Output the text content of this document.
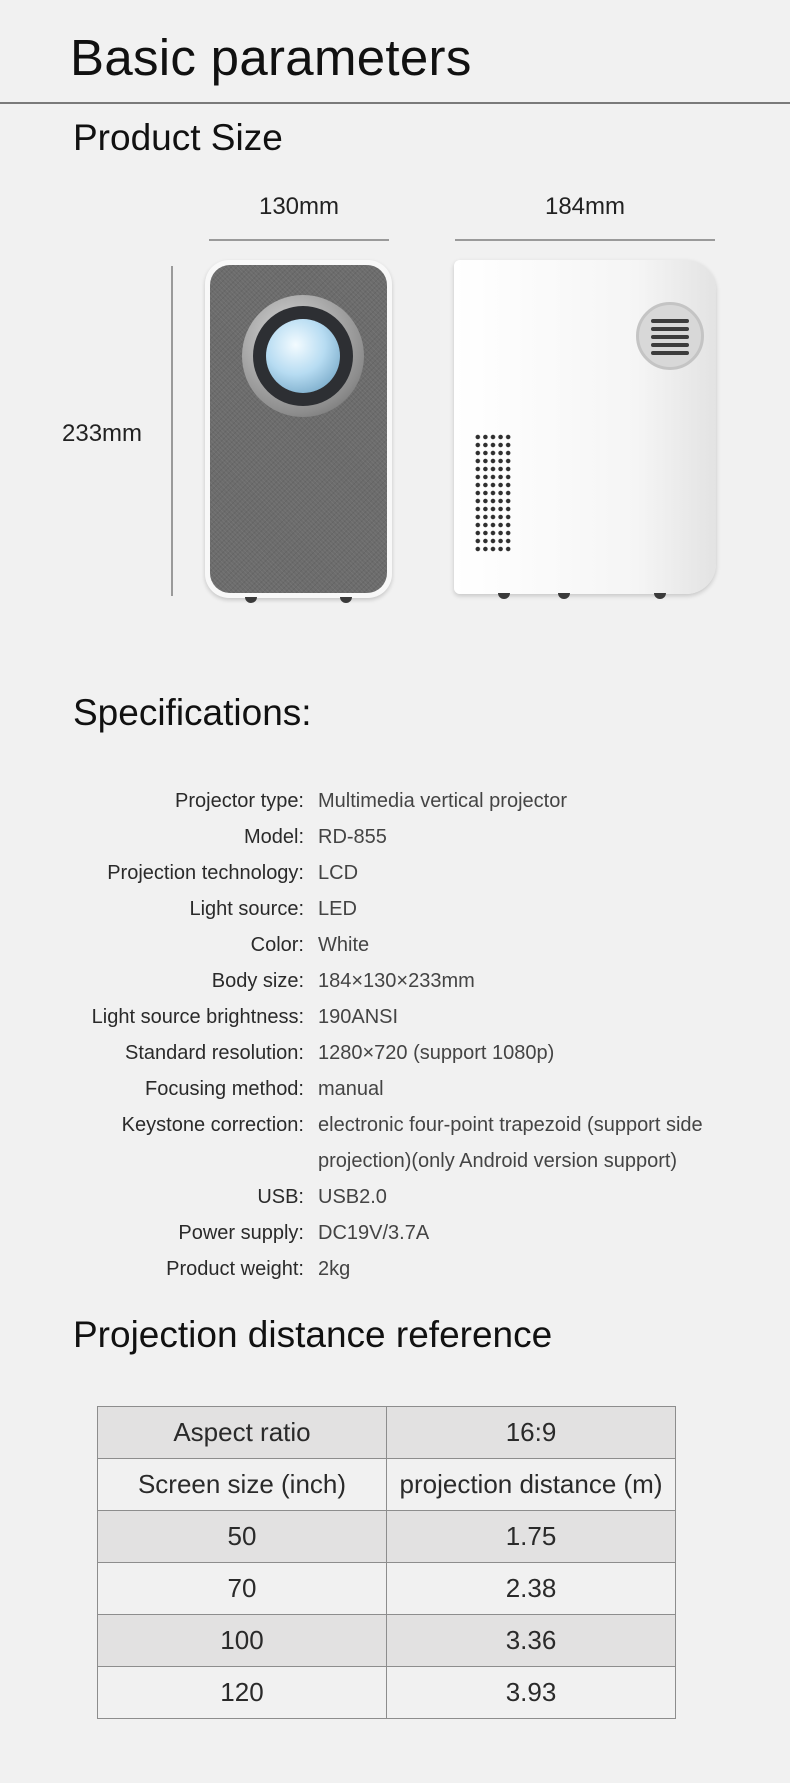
Basic parameters
Product Size
130mm	184mm
233mm
Specifications:
Projector type: Multimedia vertical projector
Model: RD-855
Projection technology: LCD
Light source: LED
Color: White
Body size: 184×130×233mm
Light source brightness: 190ANSI
Standard resolution: 1280×720 (support 1080p)
Focusing method: manual
Keystone correction: electronic four-point trapezoid (support side projection)(only Android version support)
USB: USB2.0
Power supply: DC19V/3.7A
Product weight: 2kg
Projection distance reference
Aspect ratio	16:9
Screen size (inch)	projection distance (m)
50	1.75
70	2.38
100	3.36
120	3.93
